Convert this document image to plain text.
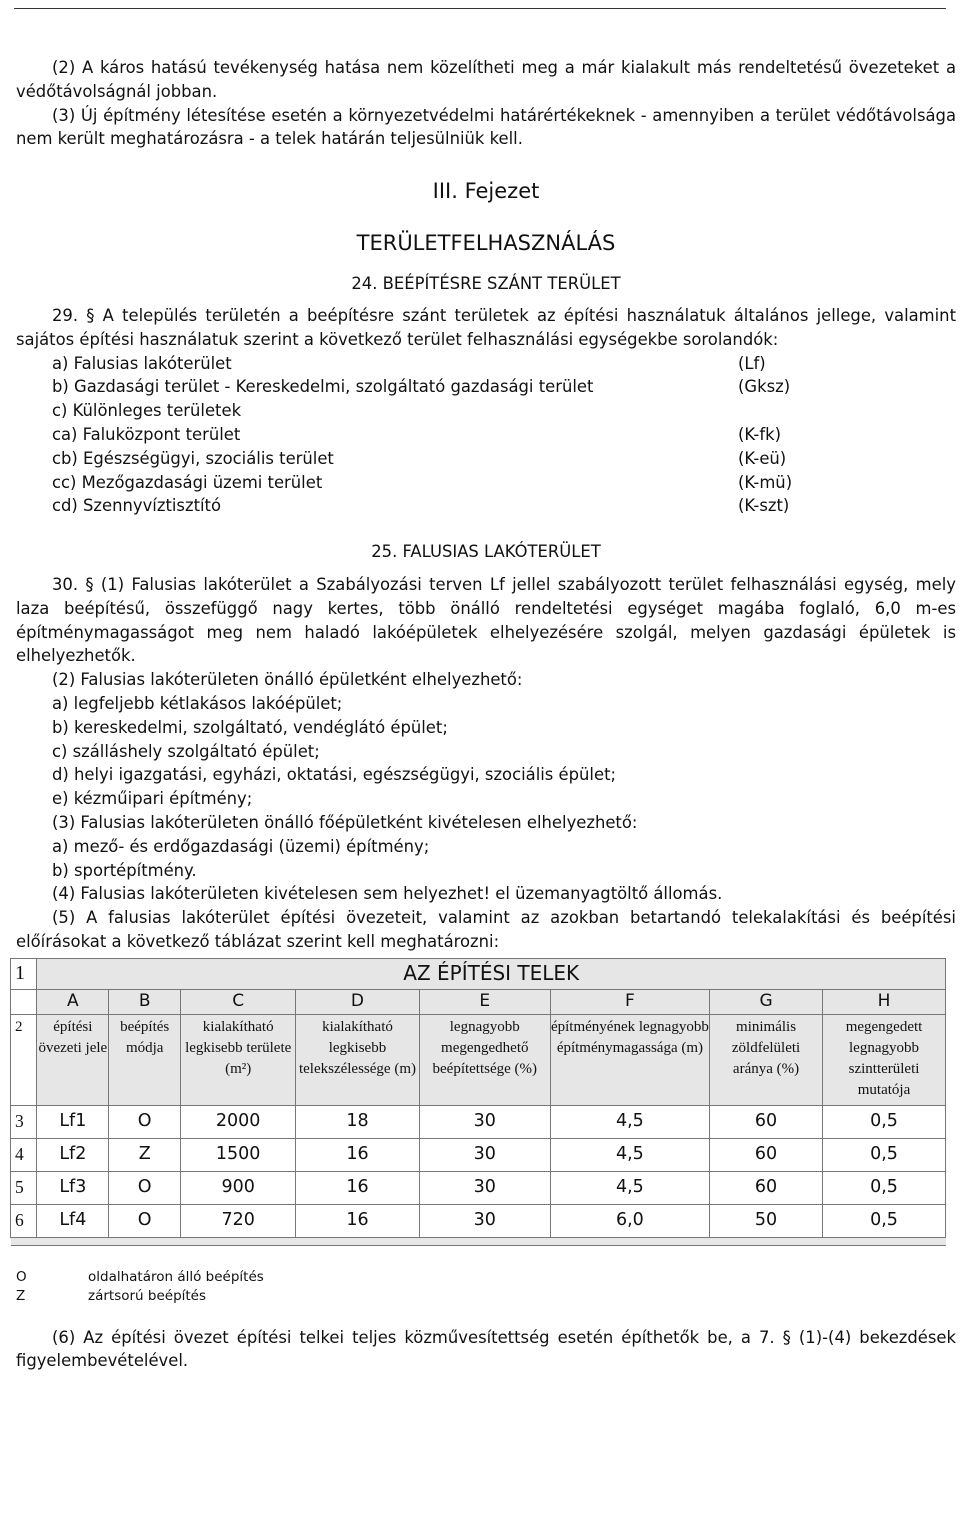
(2) A káros hatású tevékenység hatása nem közelítheti meg a már kialakult más rendeltetésű övezeteket a védőtávolságnál jobban.

(3) Új építmény létesítése esetén a környezetvédelmi határértékeknek - amennyiben a terület védőtávolsága nem került meghatározásra - a telek határán teljesülniük kell.

III. Fejezet

TERÜLETFELHASZNÁLÁS

24. BEÉPÍTÉSRE SZÁNT TERÜLET

29. § A település területén a beépítésre szánt területek az építési használatuk általános jellege, valamint sajátos építési használatuk szerint a következő terület felhasználási egységekbe sorolandók:

a) Falusias lakóterület	(Lf)
b) Gazdasági terület - Kereskedelmi, szolgáltató gazdasági terület	(Gksz)
c) Különleges területek
ca) Faluközpont terület	(K-fk)
cb) Egészségügyi, szociális terület	(K-eü)
cc) Mezőgazdasági üzemi terület	(K-mü)
cd) Szennyvíztisztító	(K-szt)

25. FALUSIAS LAKÓTERÜLET

30. § (1) Falusias lakóterület a Szabályozási terven Lf jellel szabályozott terület felhasználási egység, mely laza beépítésű, összefüggő nagy kertes, több önálló rendeltetési egységet magába foglaló, 6,0 m-es építménymagasságot meg nem haladó lakóépületek elhelyezésére szolgál, melyen gazdasági épületek is elhelyezhetők.

(2) Falusias lakóterületen önálló épületként elhelyezhető:

a) legfeljebb kétlakásos lakóépület;

b) kereskedelmi, szolgáltató, vendéglátó épület;

c) szálláshely szolgáltató épület;

d) helyi igazgatási, egyházi, oktatási, egészségügyi, szociális épület;

e) kézműipari építmény;

(3) Falusias lakóterületen önálló főépületként kivételesen elhelyezhető:

a) mező- és erdőgazdasági (üzemi) építmény;

b) sportépítmény.

(4) Falusias lakóterületen kivételesen sem helyezhet! el üzemanyagtöltő állomás.

(5) A falusias lakóterület építési övezeteit, valamint az azokban betartandó telekalakítási és beépítési előírásokat a következő táblázat szerint kell meghatározni:

1	AZ ÉPÍTÉSI TELEK							
	A	B	C	D	E	F	G	H
2	építési övezeti jele	beépítés módja	kialakítható legkisebb területe (m²)	kialakítható legkisebb telekszélessége (m)	legnagyobb megengedhető beépítettsége (%)	építményének legnagyobb építménymagassága (m)	minimális zöldfelületi aránya (%)	megengedett legnagyobb szintterületi mutatója
3	Lf1	O	2000	18	30	4,5	60	0,5
4	Lf2	Z	1500	16	30	4,5	60	0,5
5	Lf3	O	900	16	30	4,5	60	0,5
6	Lf4	O	720	16	30	6,0	50	0,5

O	oldalhatáron álló beépítés
Z	zártsorú beépítés

(6) Az építési övezet építési telkei teljes közművesítettség esetén építhetők be, a 7. § (1)-(4) bekezdések figyelembevételével.
